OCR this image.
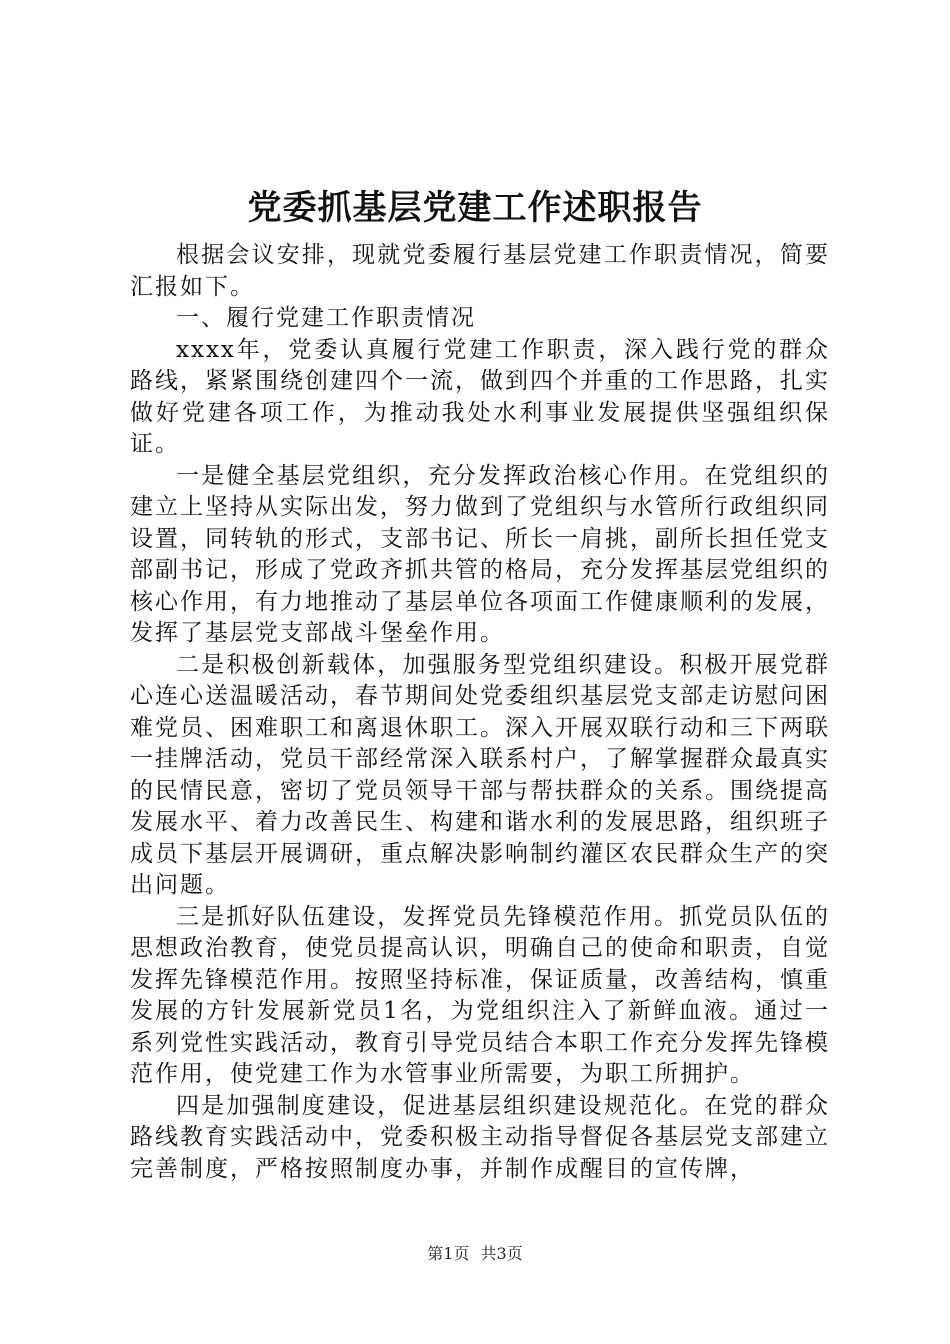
党委抓基层党建工作述职报告

根据会议安排，现就党委履行基层党建工作职责情况，简要汇报如下。

一、履行党建工作职责情况

xxxx年，党委认真履行党建工作职责，深入践行党的群众路线，紧紧围绕创建四个一流，做到四个并重的工作思路，扎实做好党建各项工作，为推动我处水利事业发展提供坚强组织保证。

一是健全基层党组织，充分发挥政治核心作用。在党组织的建立上坚持从实际出发，努力做到了党组织与水管所行政组织同设置，同转轨的形式，支部书记、所长一肩挑，副所长担任党支部副书记，形成了党政齐抓共管的格局，充分发挥基层党组织的核心作用，有力地推动了基层单位各项面工作健康顺利的发展，发挥了基层党支部战斗堡垒作用。

二是积极创新载体，加强服务型党组织建设。积极开展党群心连心送温暖活动，春节期间处党委组织基层党支部走访慰问困难党员、困难职工和离退休职工。深入开展双联行动和三下两联一挂牌活动，党员干部经常深入联系村户，了解掌握群众最真实的民情民意，密切了党员领导干部与帮扶群众的关系。围绕提高发展水平、着力改善民生、构建和谐水利的发展思路，组织班子成员下基层开展调研，重点解决影响制约灌区农民群众生产的突出问题。

三是抓好队伍建设，发挥党员先锋模范作用。抓党员队伍的思想政治教育，使党员提高认识，明确自己的使命和职责，自觉发挥先锋模范作用。按照坚持标准，保证质量，改善结构，慎重发展的方针发展新党员1名，为党组织注入了新鲜血液。通过一系列党性实践活动，教育引导党员结合本职工作充分发挥先锋模范作用，使党建工作为水管事业所需要，为职工所拥护。

四是加强制度建设，促进基层组织建设规范化。在党的群众路线教育实践活动中，党委积极主动指导督促各基层党支部建立完善制度，严格按照制度办事，并制作成醒目的宣传牌，

第1页 共3页
